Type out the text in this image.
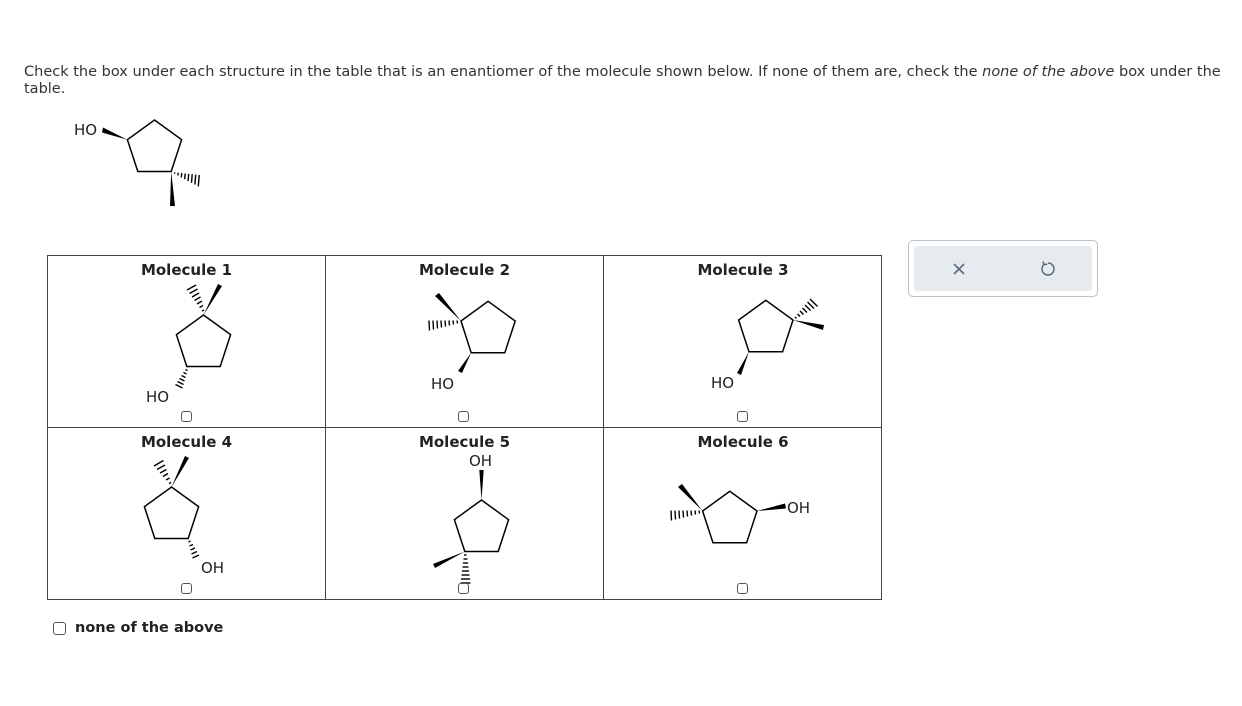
Check the box under each structure in the table that is an enantiomer of the molecule shown below. If none of them are, check the none of the above box under the table.
HO
Molecule 1
HO
Molecule 2
HO
Molecule 3
HO
Molecule 4
OH
Molecule 5
OH
Molecule 6
OH
none of the above
